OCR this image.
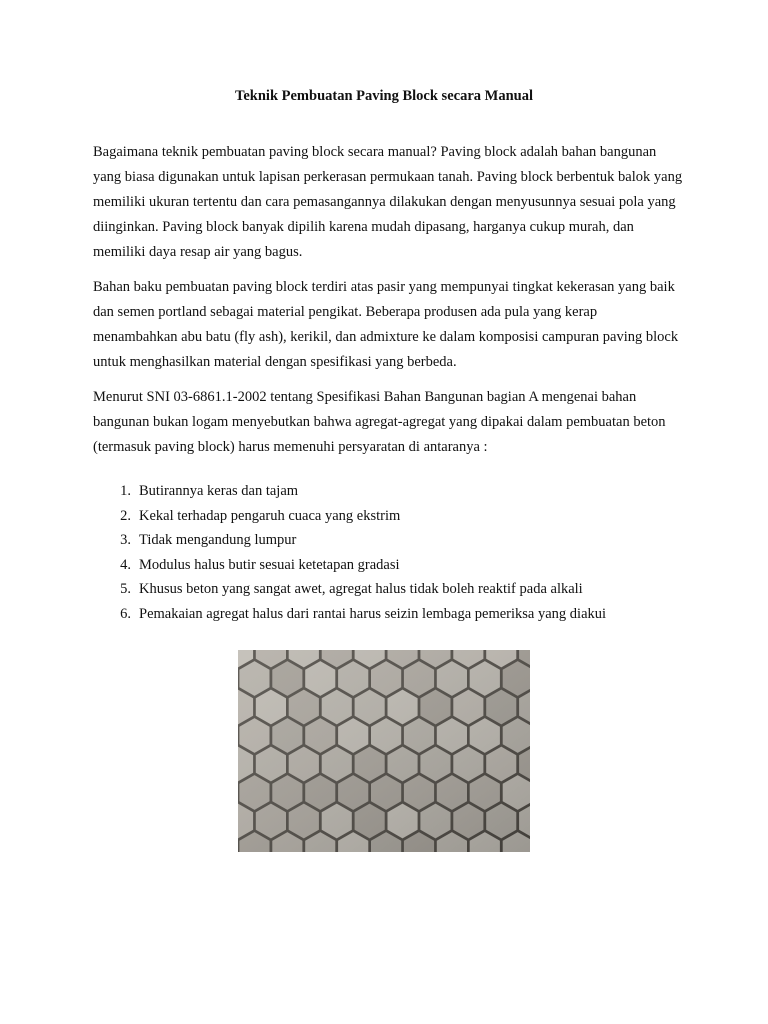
Teknik Pembuatan Paving Block secara Manual

Bagaimana teknik pembuatan paving block secara manual? Paving block adalah bahan bangunan yang biasa digunakan untuk lapisan perkerasan permukaan tanah. Paving block berbentuk balok yang memiliki ukuran tertentu dan cara pemasangannya dilakukan dengan menyusunnya sesuai pola yang diinginkan. Paving block banyak dipilih karena mudah dipasang, harganya cukup murah, dan memiliki daya resap air yang bagus.

Bahan baku pembuatan paving block terdiri atas pasir yang mempunyai tingkat kekerasan yang baik dan semen portland sebagai material pengikat. Beberapa produsen ada pula yang kerap menambahkan abu batu (fly ash), kerikil, dan admixture ke dalam komposisi campuran paving block untuk menghasilkan material dengan spesifikasi yang berbeda.

Menurut SNI 03-6861.1-2002 tentang Spesifikasi Bahan Bangunan bagian A mengenai bahan bangunan bukan logam menyebutkan bahwa agregat-agregat yang dipakai dalam pembuatan beton (termasuk paving block) harus memenuhi persyaratan di antaranya :

1. Butirannya keras dan tajam
2. Kekal terhadap pengaruh cuaca yang ekstrim
3. Tidak mengandung lumpur
4. Modulus halus butir sesuai ketetapan gradasi
5. Khusus beton yang sangat awet, agregat halus tidak boleh reaktif pada alkali
6. Pemakaian agregat halus dari rantai harus seizin lembaga pemeriksa yang diakui
